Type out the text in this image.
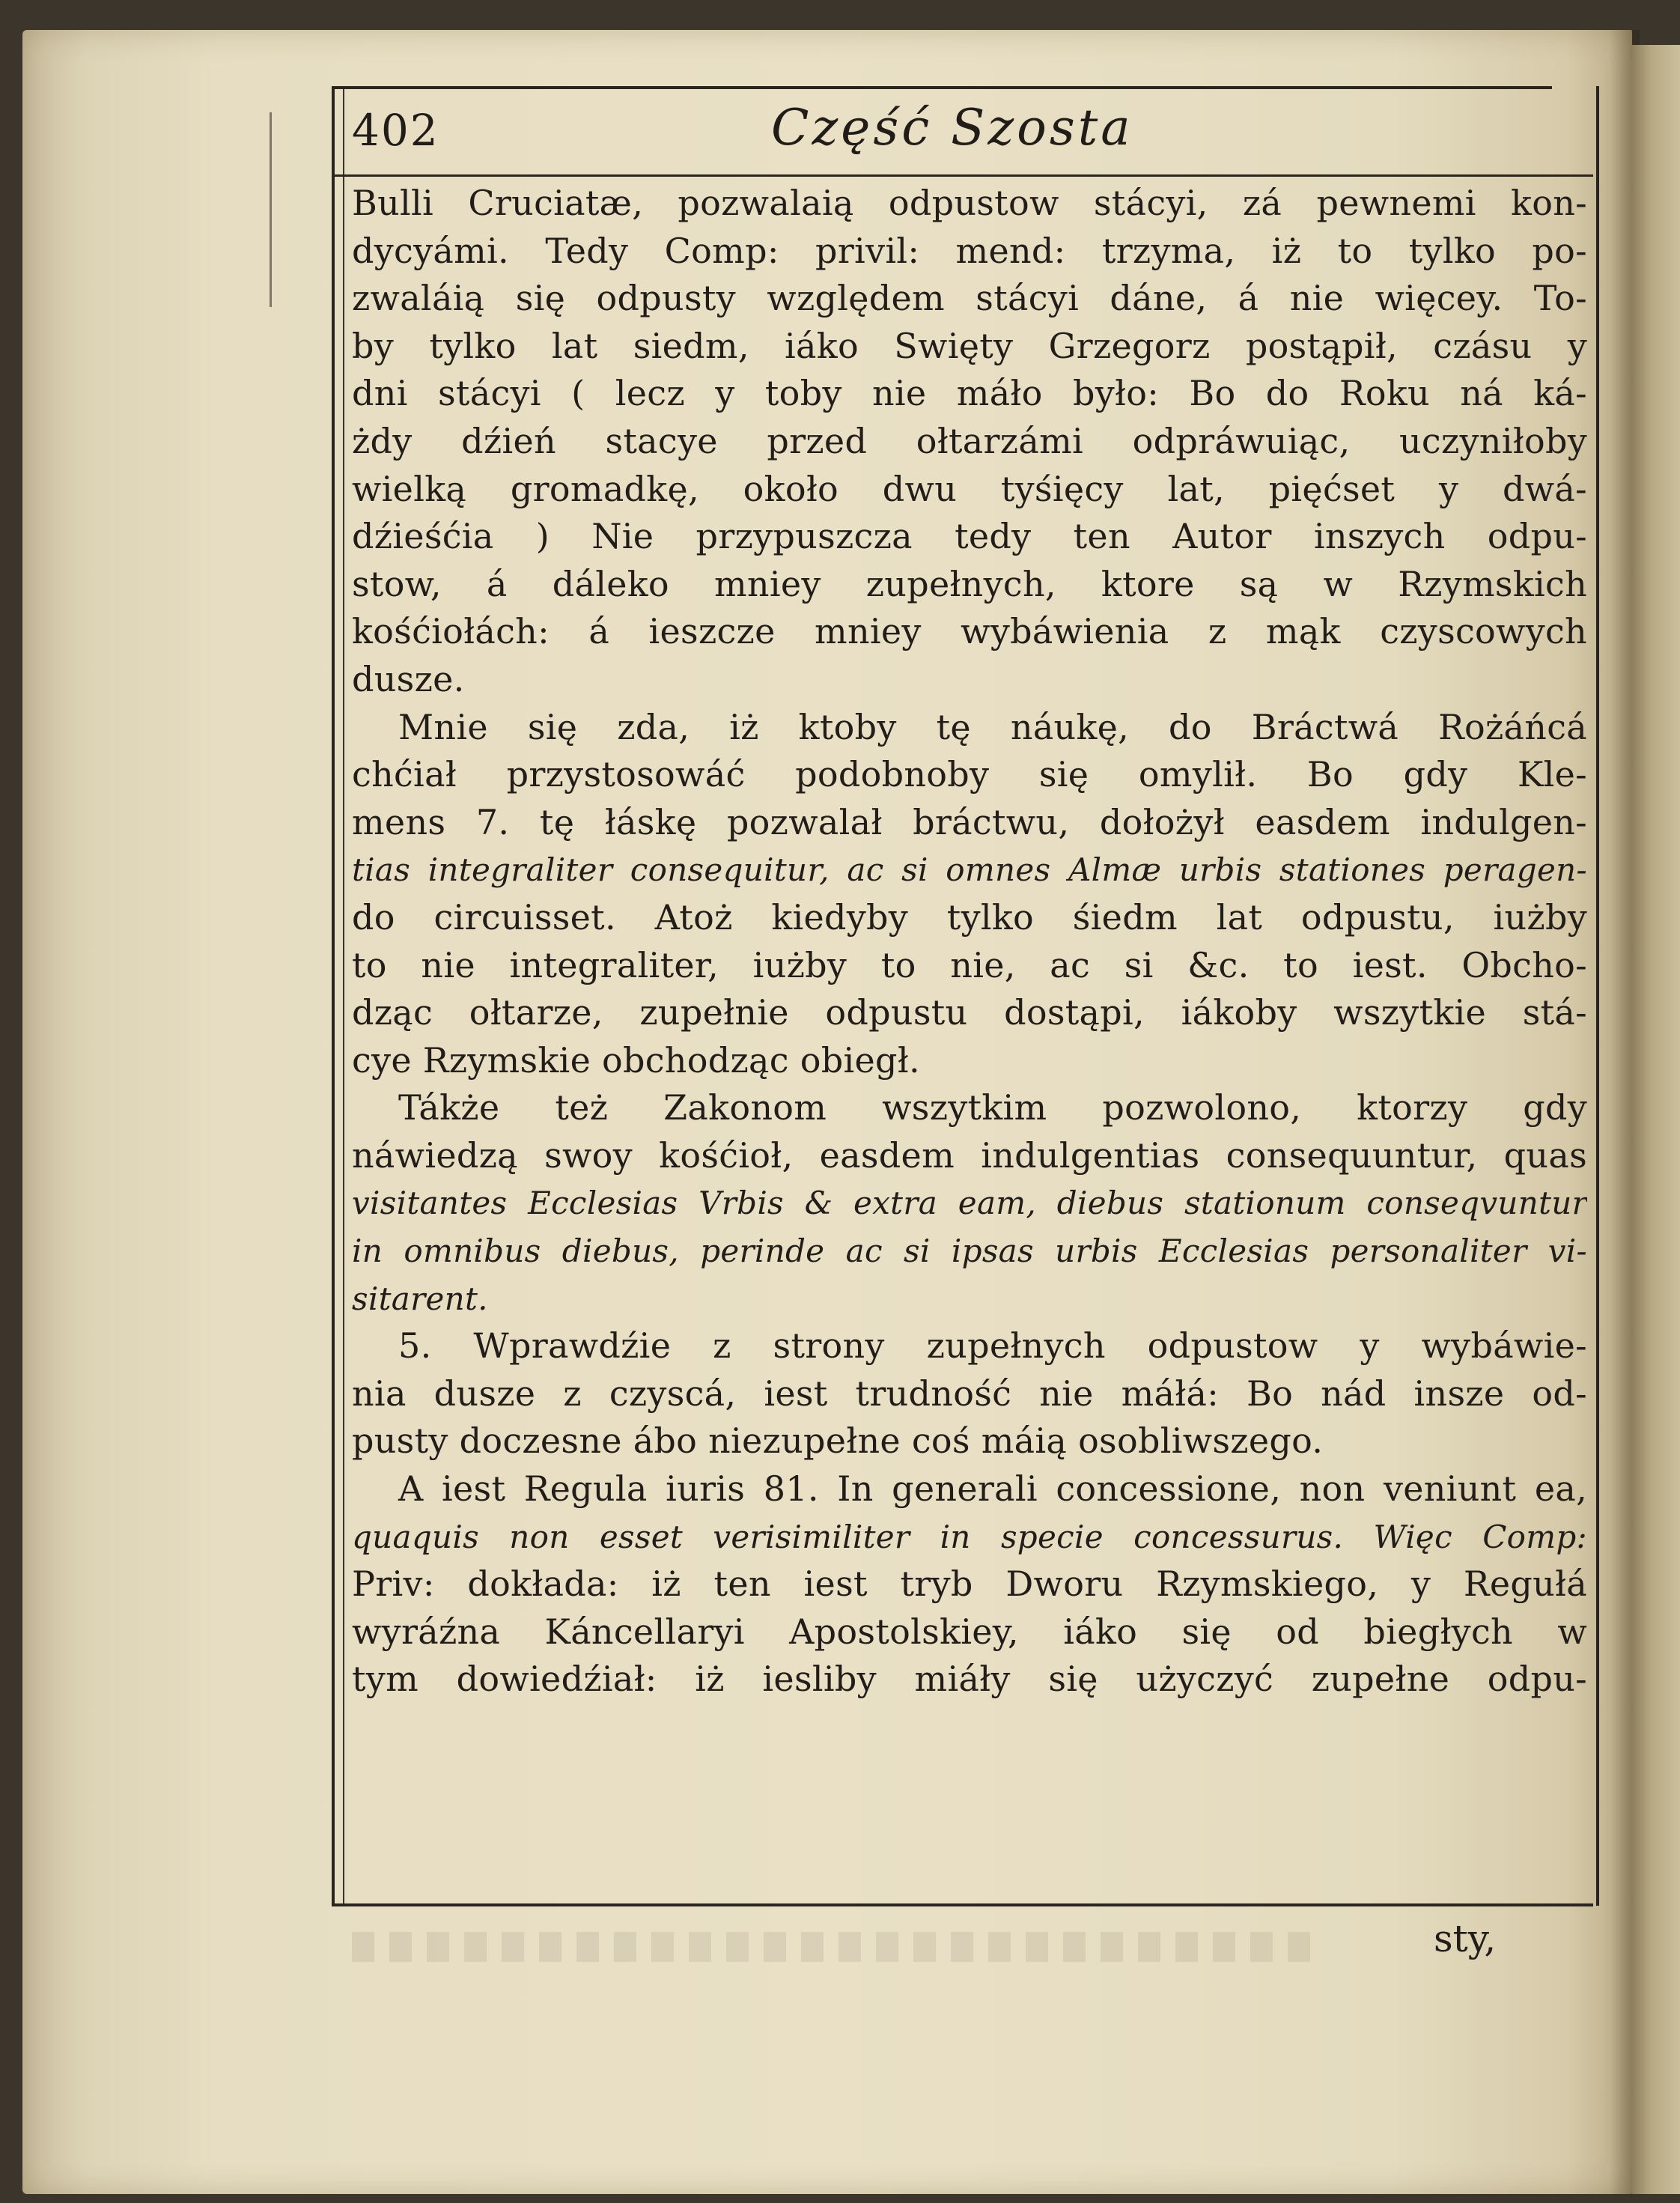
402	Część Szosta
Bulli Cruciatæ, pozwalaią odpustow stácyi, zá pewnemi kon-
dycyámi. Tedy Comp: privil: mend: trzyma, iż to tylko po-
zwaláią się odpusty względem stácyi dáne, á nie więcey. To-
by tylko lat siedm, iáko Swięty Grzegorz postąpił, czásu y
dni stácyi ( lecz y toby nie máło było: Bo do Roku ná ká-
żdy dźień stacye przed ołtarzámi odpráwuiąc, uczyniłoby
wielką gromadkę, około dwu tyśięcy lat, pięćset y dwá-
dźieśćia ) Nie przypuszcza tedy ten Autor inszych odpu-
stow, á dáleko mniey zupełnych, ktore są w Rzymskich
kośćiołách: á ieszcze mniey wybáwienia z mąk czyscowych
dusze.
Mnie się zda, iż ktoby tę náukę, do Bráctwá Rożáńcá
chćiał przystosowáć podobnoby się omylił. Bo gdy Kle-
mens 7. tę łáskę pozwalał bráctwu, dołożył easdem indulgen-
tias integraliter consequitur, ac si omnes Almæ urbis stationes peragen-
do circuisset. Atoż kiedyby tylko śiedm lat odpustu, iużby
to nie integraliter, iużby to nie, ac si &c. to iest. Obcho-
dząc ołtarze, zupełnie odpustu dostąpi, iákoby wszytkie stá-
cye Rzymskie obchodząc obiegł.
Tákże też Zakonom wszytkim pozwolono, ktorzy gdy
náwiedzą swoy kośćioł, easdem indulgentias consequuntur, quas
visitantes Ecclesias Vrbis & extra eam, diebus stationum conseqvuntur
in omnibus diebus, perinde ac si ipsas urbis Ecclesias personaliter vi-
sitarent.
5. Wprawdźie z strony zupełnych odpustow y wybáwie-
nia dusze z czyscá, iest trudność nie máłá: Bo nád insze od-
pusty doczesne ábo niezupełne coś máią osobliwszego.
A iest Regula iuris 81. In generali concessione, non veniunt ea,
quaquis non esset verisimiliter in specie concessurus. Więc Comp:
Priv: dokłada: iż ten iest tryb Dworu Rzymskiego, y Regułá
wyráźna Káncellaryi Apostolskiey, iáko się od biegłych w
tym dowiedźiał: iż iesliby miáły się użyczyć zupełne odpu-
sty,
